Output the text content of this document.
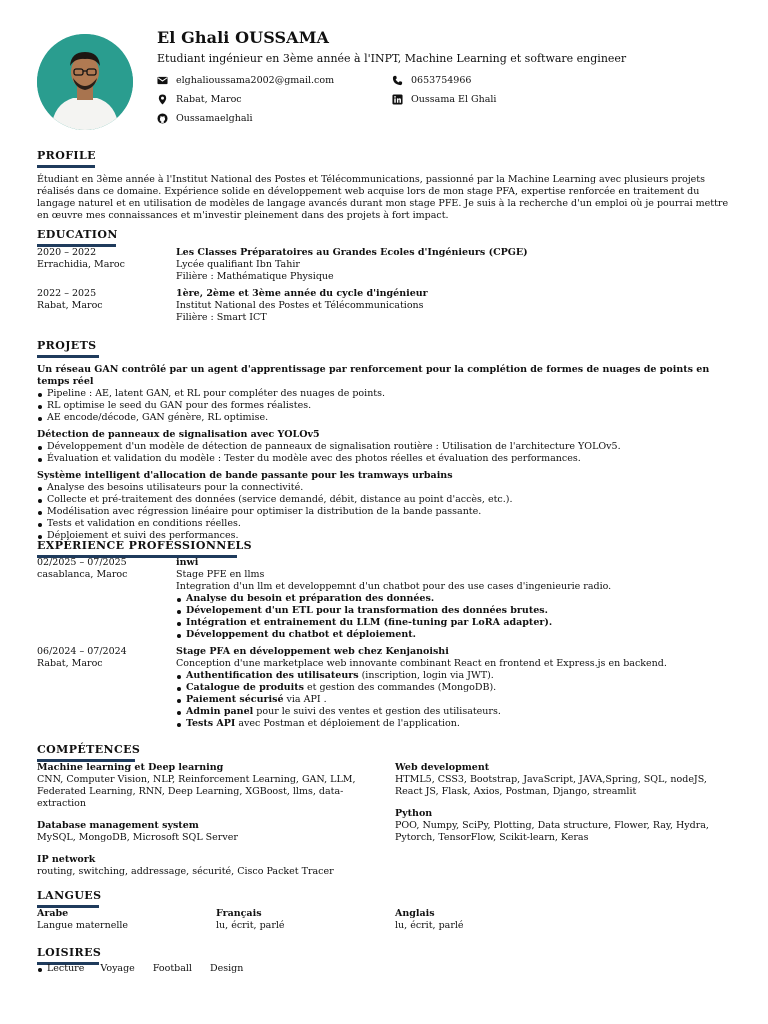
El Ghali OUSSAMA
Etudiant ingénieur en 3ème année à l'INPT, Machine Learning et software engineer
elghalioussama2002@gmail.com	0653754966
Rabat, Maroc	Oussama El Ghali
Oussamaelghali
PROFILE
Étudiant en 3ème année à l'Institut National des Postes et Télécommunications, passionné par la Machine Learning avec plusieurs projets réalisés dans ce domaine. Expérience solide en développement web acquise lors de mon stage PFA, expertise renforcée en traitement du langage naturel et en utilisation de modèles de langage avancés durant mon stage PFE. Je suis à la recherche d'un emploi où je pourrai mettre en œuvre mes connaissances et m'investir pleinement dans des projets à fort impact.
EDUCATION
2020 – 2022
Errachidia, Maroc
Les Classes Préparatoires au Grandes Ecoles d'Ingénieurs (CPGE)
Lycée qualifiant Ibn Tahir
Filière : Mathématique Physique
2022 – 2025
Rabat, Maroc
1ère, 2ème et 3ème année du cycle d'ingénieur
Institut National des Postes et Télécommunications
Filière : Smart ICT
PROJETS
Un réseau GAN contrôlé par un agent d'apprentissage par renforcement pour la complétion de formes de nuages de points en temps réel
Pipeline : AE, latent GAN, et RL pour compléter des nuages de points.
RL optimise le seed du GAN pour des formes réalistes.
AE encode/décode, GAN génère, RL optimise.
Détection de panneaux de signalisation avec YOLOv5
Développement d'un modèle de détection de panneaux de signalisation routière : Utilisation de l'architecture YOLOv5.
Évaluation et validation du modèle : Tester du modèle avec des photos réelles et évaluation des performances.
Système intelligent d'allocation de bande passante pour les tramways urbains
Analyse des besoins utilisateurs pour la connectivité.
Collecte et pré-traitement des données (service demandé, débit, distance au point d'accès, etc.).
Modélisation avec régression linéaire pour optimiser la distribution de la bande passante.
Tests et validation en conditions réelles.
Déploiement et suivi des performances.
EXPÉRIENCE PROFESSIONNELS
02/2025 – 07/2025
casablanca, Maroc
inwi
Stage PFE en llms
Integration d'un llm et developpemnt d'un chatbot pour des use cases d'ingenieurie radio.
Analyse du besoin et préparation des données.
Dévelopement d'un ETL pour la transformation des données brutes.
Intégration et entrainement du LLM (fine-tuning par LoRA adapter).
Développement du chatbot et déploiement.
06/2024 – 07/2024
Rabat, Maroc
Stage PFA en développement web chez Kenjanoishi
Conception d'une marketplace web innovante combinant React en frontend et Express.js en backend.
Authentification des utilisateurs (inscription, login via JWT).
Catalogue de produits et gestion des commandes (MongoDB).
Paiement sécurisé via API .
Admin panel pour le suivi des ventes et gestion des utilisateurs.
Tests API avec Postman et déploiement de l'application.
COMPÉTENCES
Machine learning et Deep learning
CNN, Computer Vision, NLP, Reinforcement Learning, GAN, LLM, Federated Learning, RNN, Deep Learning, XGBoost, llms, data-extraction
Database management system
MySQL, MongoDB, Microsoft SQL Server
IP network
routing, switching, addressage, sécurité, Cisco Packet Tracer
Web development
HTML5, CSS3, Bootstrap, JavaScript, JAVA,Spring, SQL, nodeJS, React JS, Flask, Axios, Postman, Django, streamlit
Python
POO, Numpy, SciPy, Plotting, Data structure, Flower, Ray, Hydra, Pytorch, TensorFlow, Scikit-learn, Keras
LANGUES
Arabe
Langue maternelle
Français
lu, écrit, parlé
Anglais
lu, écrit, parlé
LOISIRES
Lecture Voyage Football Design
